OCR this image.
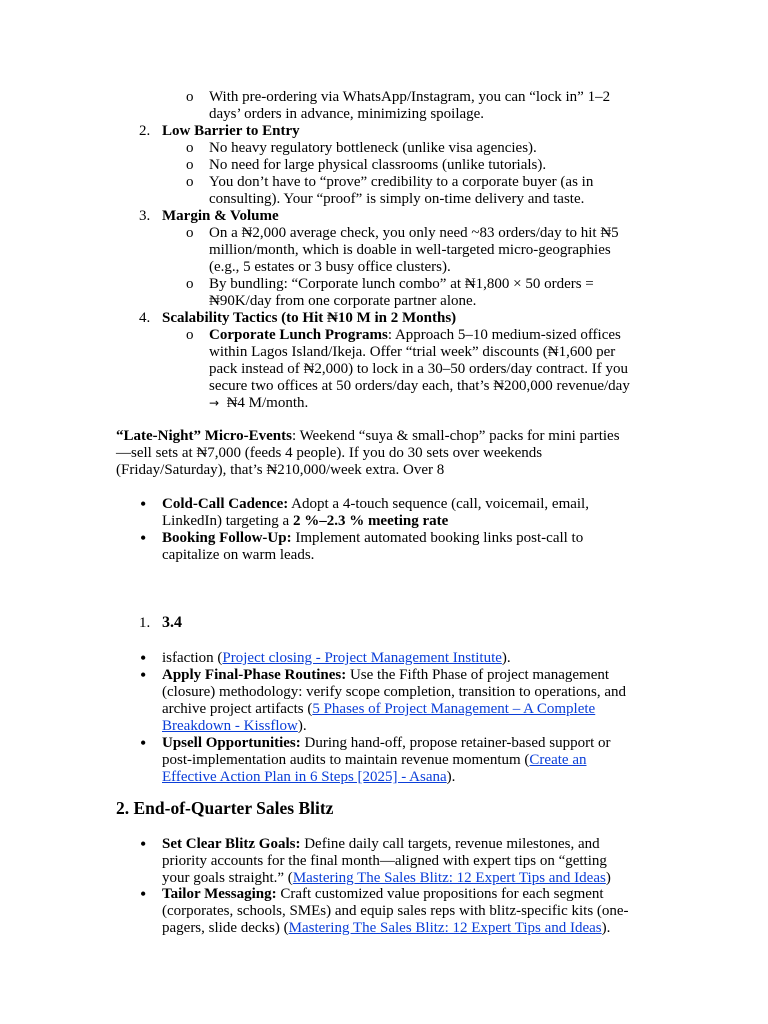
o With pre-ordering via WhatsApp/Instagram, you can “lock in” 1–2
days’ orders in advance, minimizing spoilage.
2. Low Barrier to Entry
o No heavy regulatory bottleneck (unlike visa agencies).
o No need for large physical classrooms (unlike tutorials).
o You don’t have to “prove” credibility to a corporate buyer (as in
consulting). Your “proof” is simply on-time delivery and taste.
3. Margin & Volume
o On a ₦2,000 average check, you only need ~83 orders/day to hit ₦5
million/month, which is doable in well-targeted micro-geographies
(e.g., 5 estates or 3 busy office clusters).
o By bundling: “Corporate lunch combo” at ₦1,800 × 50 orders =
₦90K/day from one corporate partner alone.
4. Scalability Tactics (to Hit ₦10 M in 2 Months)
o Corporate Lunch Programs: Approach 5–10 medium-sized offices
within Lagos Island/Ikeja. Offer “trial week” discounts (₦1,600 per
pack instead of ₦2,000) to lock in a 30–50 orders/day contract. If you
secure two offices at 50 orders/day each, that’s ₦200,000 revenue/day
→ ₦4 M/month.
“Late-Night” Micro-Events: Weekend “suya & small-chop” packs for mini parties
—sell sets at ₦7,000 (feeds 4 people). If you do 30 sets over weekends
(Friday/Saturday), that’s ₦210,000/week extra. Over 8
• Cold-Call Cadence: Adopt a 4-touch sequence (call, voicemail, email,
LinkedIn) targeting a 2 %–2.3 % meeting rate
• Booking Follow-Up: Implement automated booking links post-call to
capitalize on warm leads.
1. 3.4
• isfaction (Project closing - Project Management Institute).
• Apply Final-Phase Routines: Use the Fifth Phase of project management
(closure) methodology: verify scope completion, transition to operations, and
archive project artifacts (5 Phases of Project Management – A Complete
Breakdown - Kissflow).
• Upsell Opportunities: During hand-off, propose retainer-based support or
post-implementation audits to maintain revenue momentum (Create an
Effective Action Plan in 6 Steps [2025] - Asana).
2. End-of-Quarter Sales Blitz
• Set Clear Blitz Goals: Define daily call targets, revenue milestones, and
priority accounts for the final month—aligned with expert tips on “getting
your goals straight.” (Mastering The Sales Blitz: 12 Expert Tips and Ideas)
• Tailor Messaging: Craft customized value propositions for each segment
(corporates, schools, SMEs) and equip sales reps with blitz-specific kits (one-
pagers, slide decks) (Mastering The Sales Blitz: 12 Expert Tips and Ideas).
